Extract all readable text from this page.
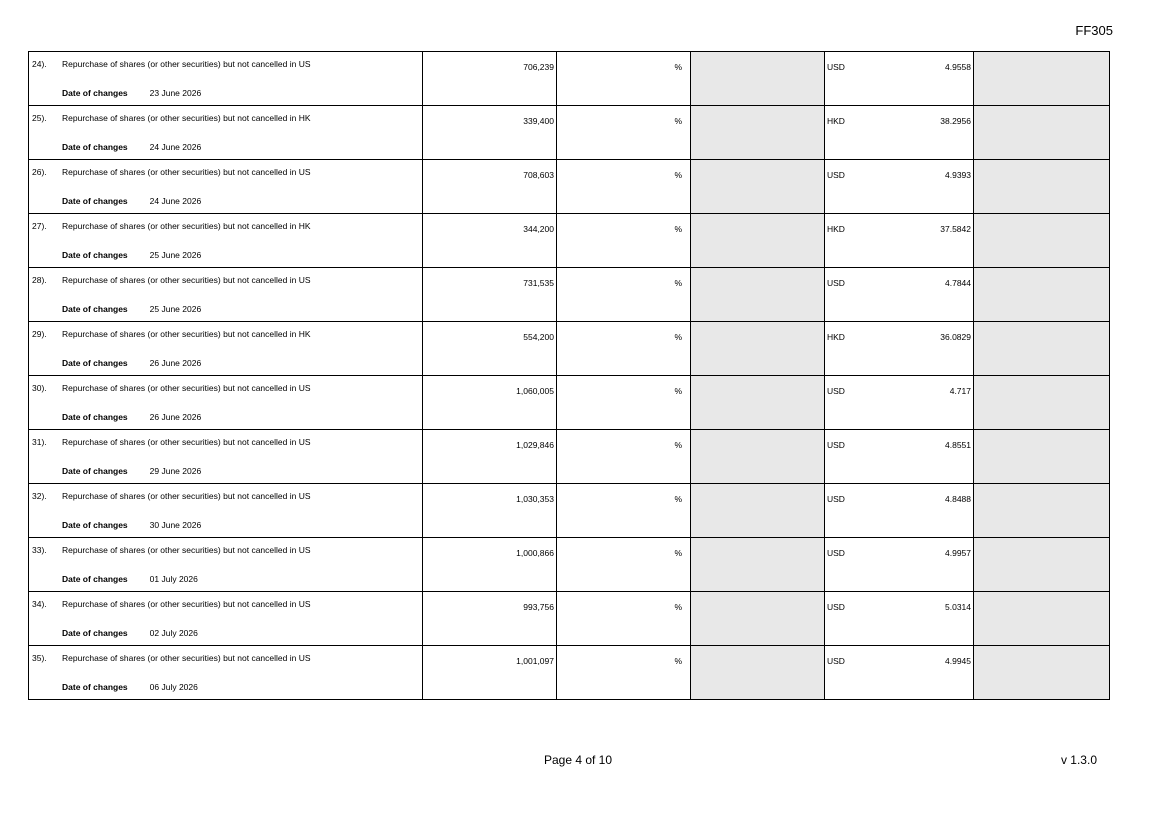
FF305
24). Repurchase of shares (or other securities) but not cancelled in US
Date of changes 23 June 2026	706,239	%		USD 4.9558	

25). Repurchase of shares (or other securities) but not cancelled in HK
Date of changes 24 June 2026	339,400	%		HKD 38.2956	

26). Repurchase of shares (or other securities) but not cancelled in US
Date of changes 24 June 2026	708,603	%		USD 4.9393	

27). Repurchase of shares (or other securities) but not cancelled in HK
Date of changes 25 June 2026	344,200	%		HKD 37.5842	

28). Repurchase of shares (or other securities) but not cancelled in US
Date of changes 25 June 2026	731,535	%		USD 4.7844	

29). Repurchase of shares (or other securities) but not cancelled in HK
Date of changes 26 June 2026	554,200	%		HKD 36.0829	

30). Repurchase of shares (or other securities) but not cancelled in US
Date of changes 26 June 2026	1,060,005	%		USD 4.717	

31). Repurchase of shares (or other securities) but not cancelled in US
Date of changes 29 June 2026	1,029,846	%		USD 4.8551	

32). Repurchase of shares (or other securities) but not cancelled in US
Date of changes 30 June 2026	1,030,353	%		USD 4.8488	

33). Repurchase of shares (or other securities) but not cancelled in US
Date of changes 01 July 2026	1,000,866	%		USD 4.9957	

34). Repurchase of shares (or other securities) but not cancelled in US
Date of changes 02 July 2026	993,756	%		USD 5.0314	

35). Repurchase of shares (or other securities) but not cancelled in US
Date of changes 06 July 2026	1,001,097	%		USD 4.9945	

Page 4 of 10	v 1.3.0
